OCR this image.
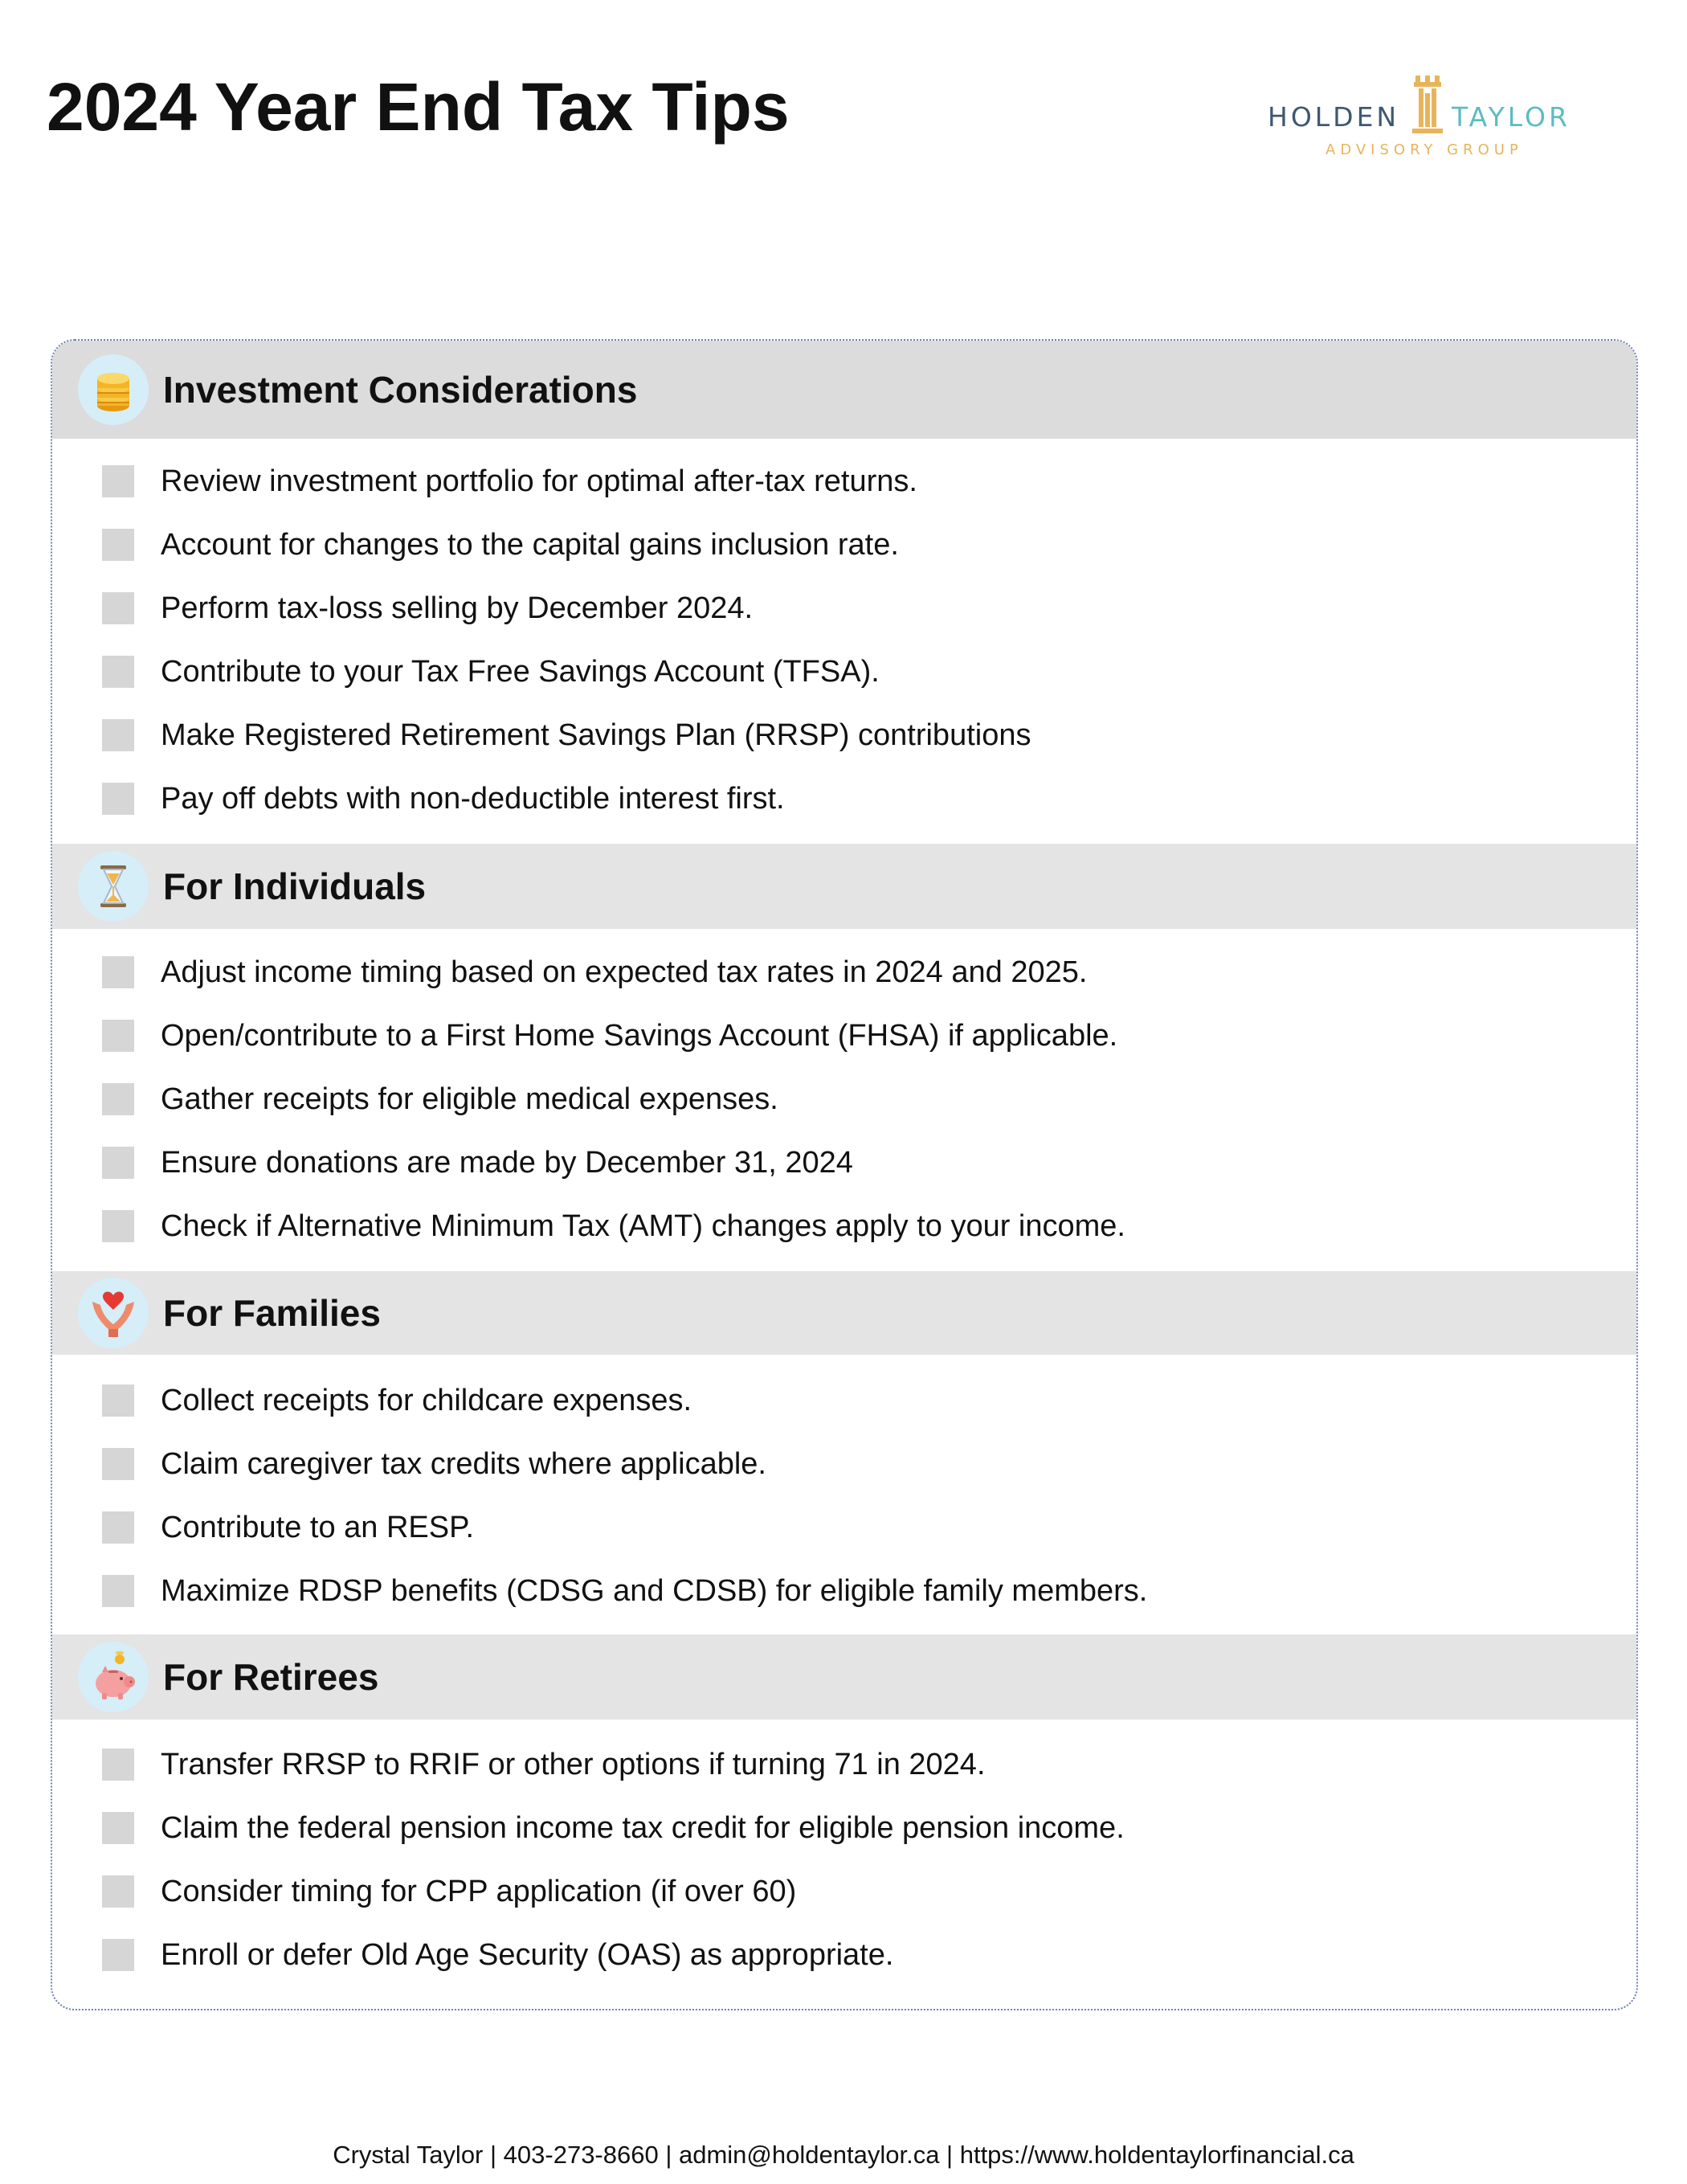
2024 Year End Tax Tips	HOLDEN TAYLOR
ADVISORY GROUP
Investment Considerations
Review investment portfolio for optimal after-tax returns.
Account for changes to the capital gains inclusion rate.
Perform tax-loss selling by December 2024.
Contribute to your Tax Free Savings Account (TFSA).
Make Registered Retirement Savings Plan (RRSP) contributions
Pay off debts with non-deductible interest first.
For Individuals
Adjust income timing based on expected tax rates in 2024 and 2025.
Open/contribute to a First Home Savings Account (FHSA) if applicable.
Gather receipts for eligible medical expenses.
Ensure donations are made by December 31, 2024
Check if Alternative Minimum Tax (AMT) changes apply to your income.
For Families
Collect receipts for childcare expenses.
Claim caregiver tax credits where applicable.
Contribute to an RESP.
Maximize RDSP benefits (CDSG and CDSB) for eligible family members.
For Retirees
Transfer RRSP to RRIF or other options if turning 71 in 2024.
Claim the federal pension income tax credit for eligible pension income.
Consider timing for CPP application (if over 60)
Enroll or defer Old Age Security (OAS) as appropriate.
Crystal Taylor | 403-273-8660 | admin@holdentaylor.ca | https://www.holdentaylorfinancial.ca
